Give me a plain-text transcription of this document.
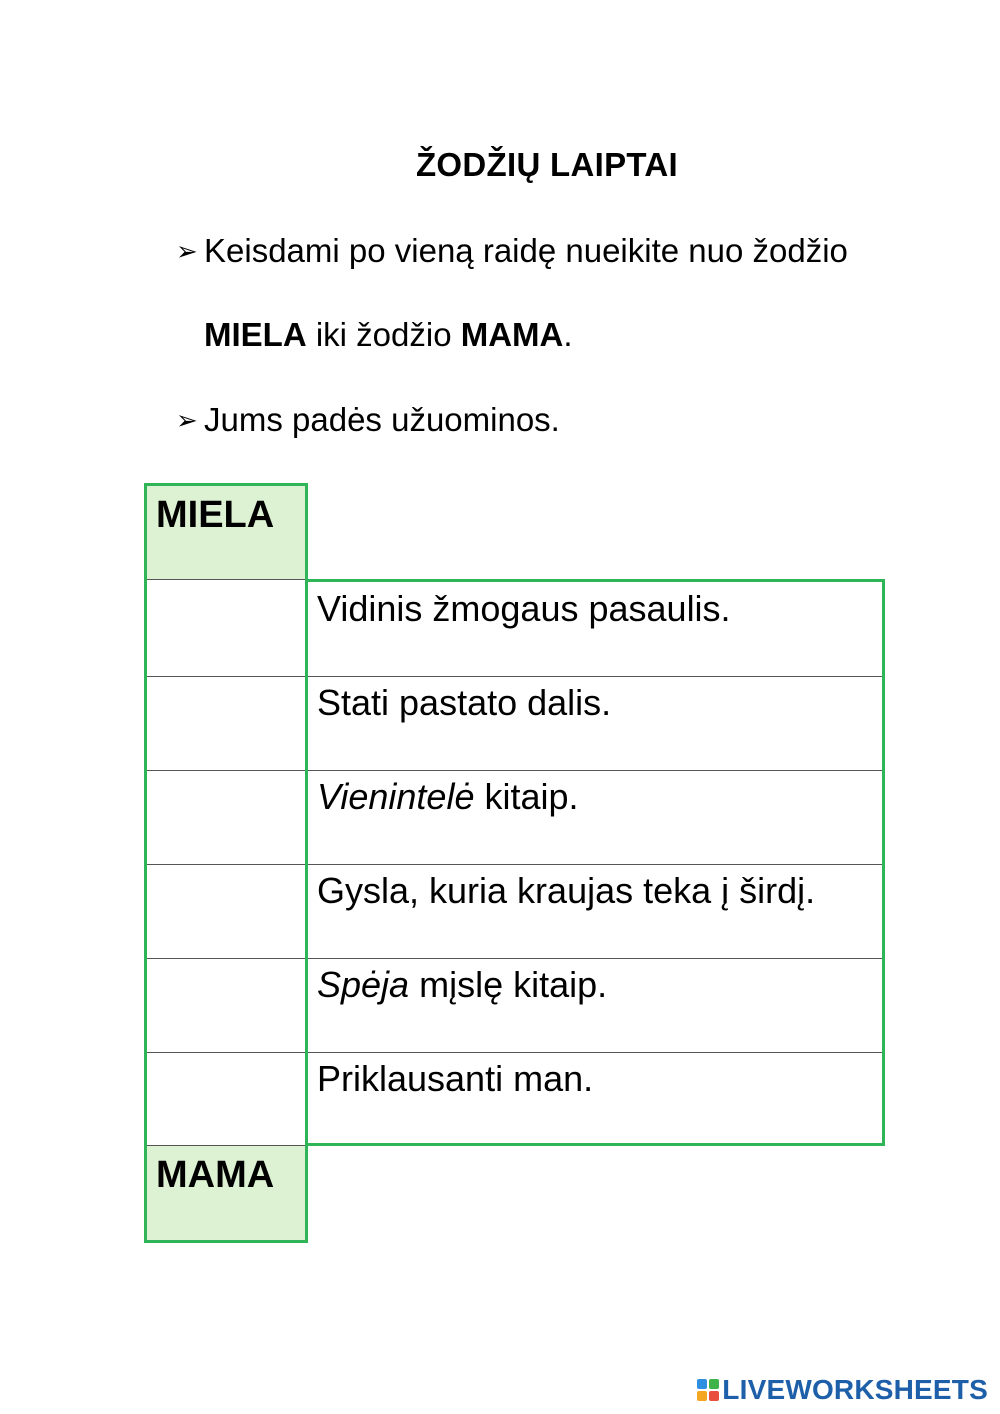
ŽODŽIŲ LAIPTAI
➢ Keisdami po vieną raidę nueikite nuo žodžio
MIELA iki žodžio MAMA.
➢ Jums padės užuominos.
MIELA
MAMA
Vidinis žmogaus pasaulis.
Stati pastato dalis.
Vienintelė kitaip.
Gysla, kuria kraujas teka į širdį.
Spėja mįslę kitaip.
Priklausanti man.
LIVEWORKSHEETS
